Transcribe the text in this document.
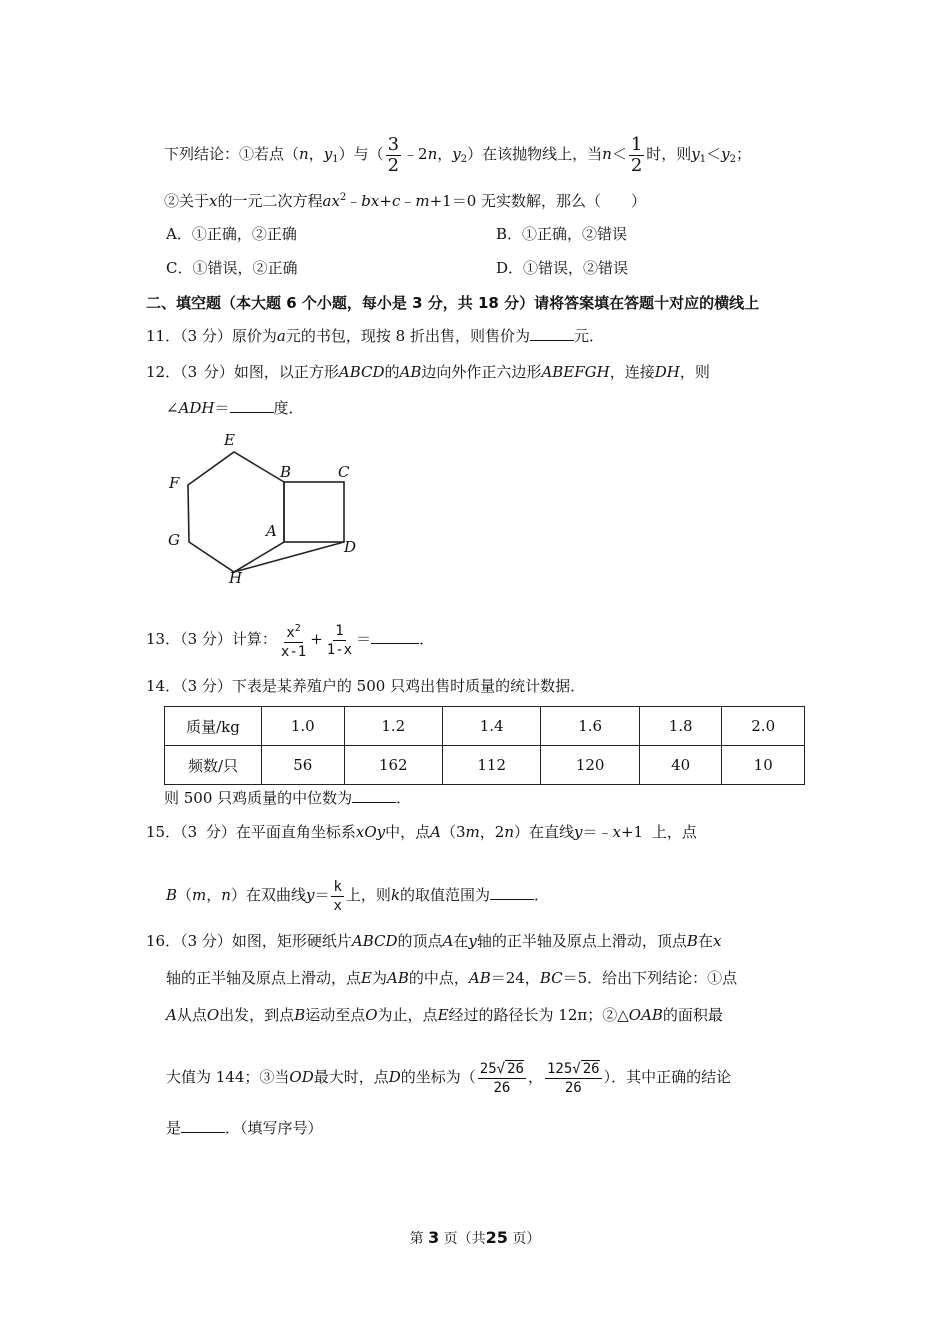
下列结论：①若点（n，$y_1$）与（ $\frac{3}{2}$ ﹣2n，$y_2$）在该抛物线上，当$n< \frac{1}{2}$ 时，则$y_1<y_2$；
②关于x的一元二次方程$ax^2﹣bx+c﹣m+1=0$ 无实数解，那么（　　）
A．①正确，②正确	B．①正确，②错误
C．①错误，②正确	D．①错误，②错误
二、填空题（本大题 6 个小题，每小是 3 分，共 18 分）请将答案填在答题十对应的横线上
11．（3 分）原价为a元的书包，现按 8 折出售，则售价为	元．
12．（3 分）如图，以正方形ABCD的AB边向外作正六边形ABEFGH，连接DH，则
∠ADH＝	度．
E
B	C
F
A
G	D
H
13．（3 分）计算： $\frac{x^2}{x-1} + \frac{1}{1-x}$ ＝	．
14．（3 分）下表是某养殖户的 500 只鸡出售时质量的统计数据．
质量/kg	1.0	1.2	1.4	1.6	1.8	2.0
频数/只	56	162	112	120	40	10
则 500 只鸡质量的中位数为	．
15．（3 分）在平面直角坐标系xOy中，点A（3m，2n）在直线y＝﹣x+1 上，点
B（m，n）在双曲线$y= \frac{k}{x}$ 上，则k的取值范围为	．
16．（3 分）如图，矩形硬纸片ABCD的顶点A在y轴的正半轴及原点上滑动，顶点B在x
轴的正半轴及原点上滑动，点E为AB的中点，AB＝24，BC＝5．给出下列结论：①点
A从点O出发，到点B运动至点O为止，点E经过的路径长为 12π；②△OAB的面积最
大值为 144；③当OD最大时，点D的坐标为（ $\frac{25√ 26}{26}$ ， $\frac{125√ 26}{26}$ ）．其中正确的结论
是	．（填写序号）
第 3 页（共25 页）
